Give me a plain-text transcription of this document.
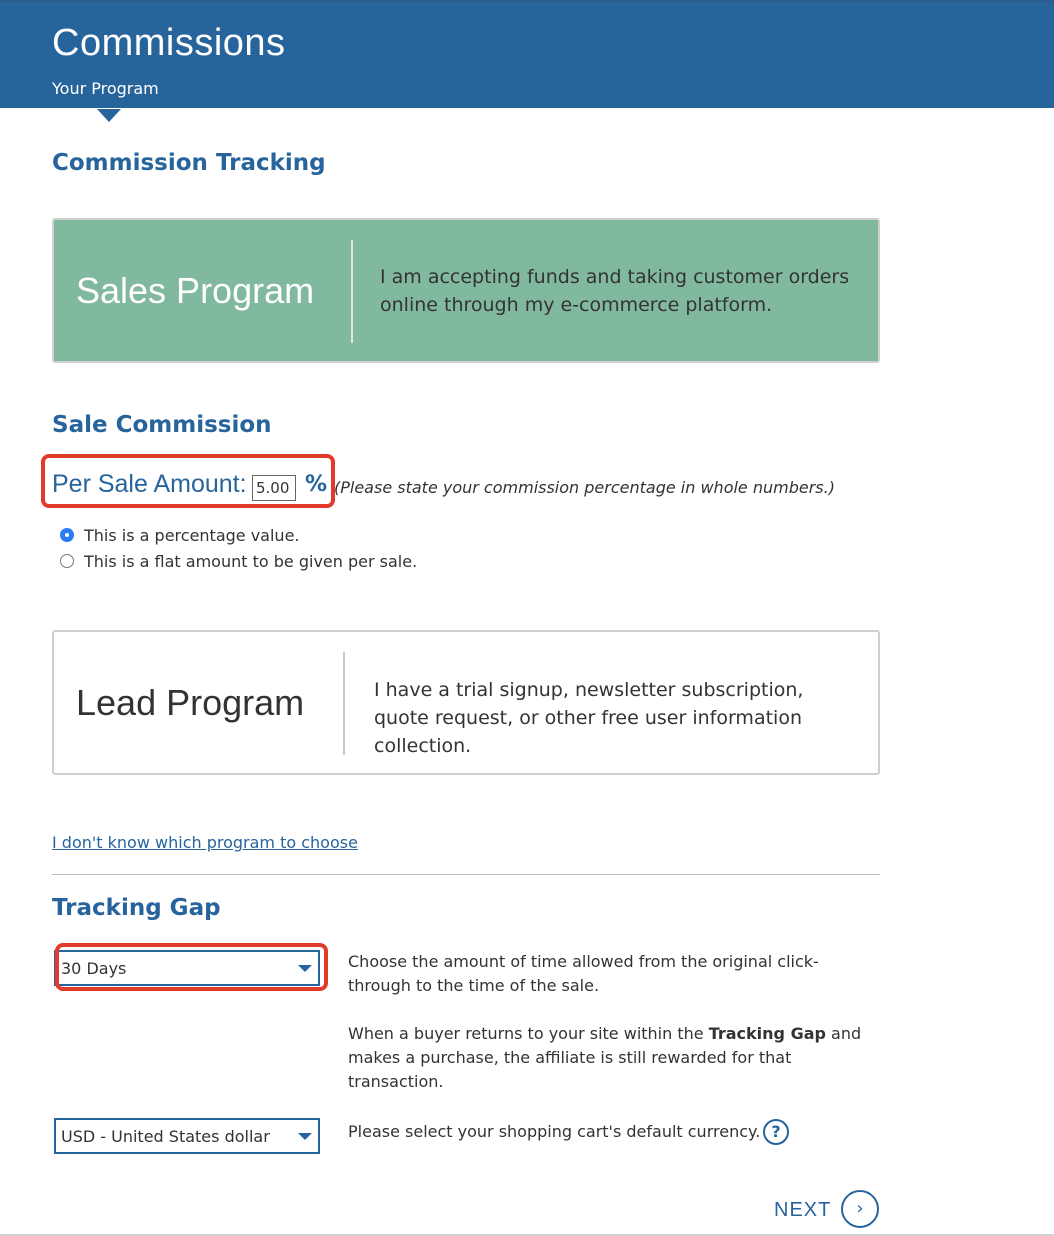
Commissions
Your Program
Commission Tracking
Sales Program	I am accepting funds and taking customer orders online through my e-commerce platform.
Sale Commission
Per Sale Amount:
5.00	% (Please state your commission percentage in whole numbers.)
This is a percentage value.
This is a flat amount to be given per sale.
Lead Program	I have a trial signup, newsletter subscription, quote request, or other free user information collection.
I don't know which program to choose
Tracking Gap
30 Days	Choose the amount of time allowed from the original click-through to the time of the sale.
When a buyer returns to your site within the Tracking Gap and makes a purchase, the affiliate is still rewarded for that transaction.
USD - United States dollar	Please select your shopping cart's default currency. ?
NEXT	›
